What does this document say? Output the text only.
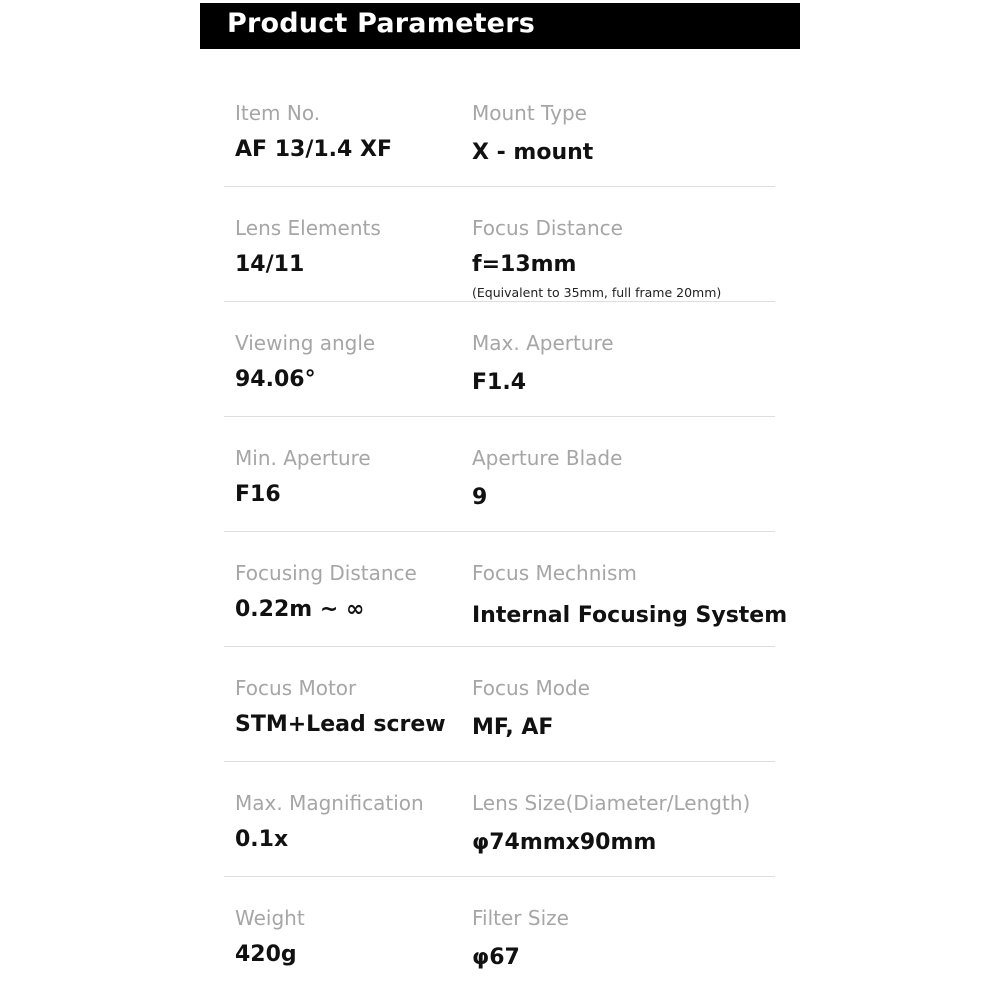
Product Parameters
Item No.
AF 13/1.4 XF
Mount Type
X - mount
Lens Elements
14/11
Focus Distance
f=13mm
(Equivalent to 35mm, full frame 20mm)
Viewing angle
94.06°
Max. Aperture
F1.4
Min. Aperture
F16
Aperture Blade
9
Focusing Distance
0.22m ~ ∞
Focus Mechnism
Internal Focusing System
Focus Motor
STM+Lead screw
Focus Mode
MF, AF
Max. Magnification
0.1x
Lens Size(Diameter/Length)
φ74mmx90mm
Weight
420g
Filter Size
φ67
